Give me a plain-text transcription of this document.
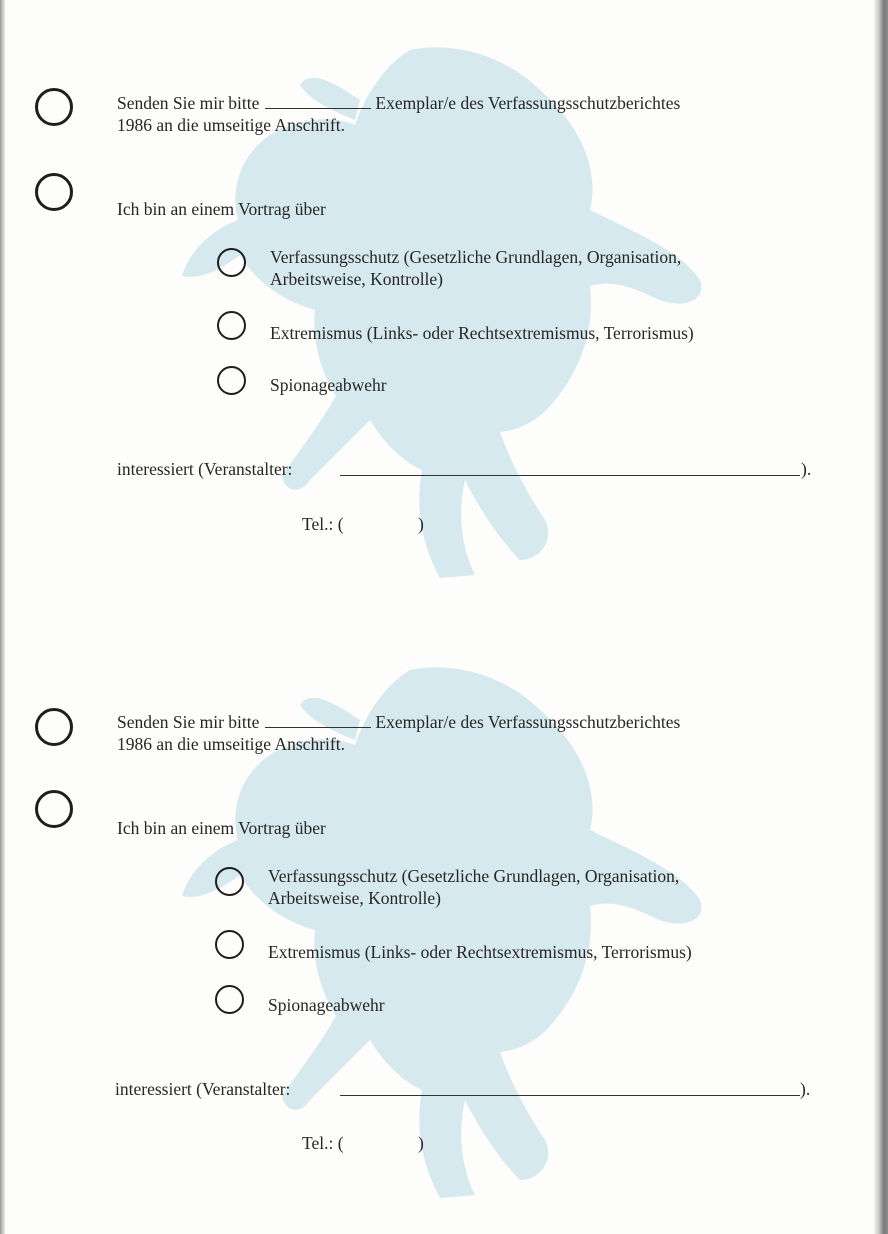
Senden Sie mir bitte	Exemplar/e des Verfassungsschutzberichtes
1986 an die umseitige Anschrift.
Ich bin an einem Vortrag über
Verfassungsschutz (Gesetzliche Grundlagen, Organisation,
Arbeitsweise, Kontrolle)
Extremismus (Links- oder Rechtsextremismus, Terrorismus)
Spionageabwehr
interessiert (Veranstalter:	).
Tel.: (	)
Senden Sie mir bitte	Exemplar/e des Verfassungsschutzberichtes
1986 an die umseitige Anschrift.
Ich bin an einem Vortrag über
Verfassungsschutz (Gesetzliche Grundlagen, Organisation,
Arbeitsweise, Kontrolle)
Extremismus (Links- oder Rechtsextremismus, Terrorismus)
Spionageabwehr
interessiert (Veranstalter:	).
Tel.: (	)
